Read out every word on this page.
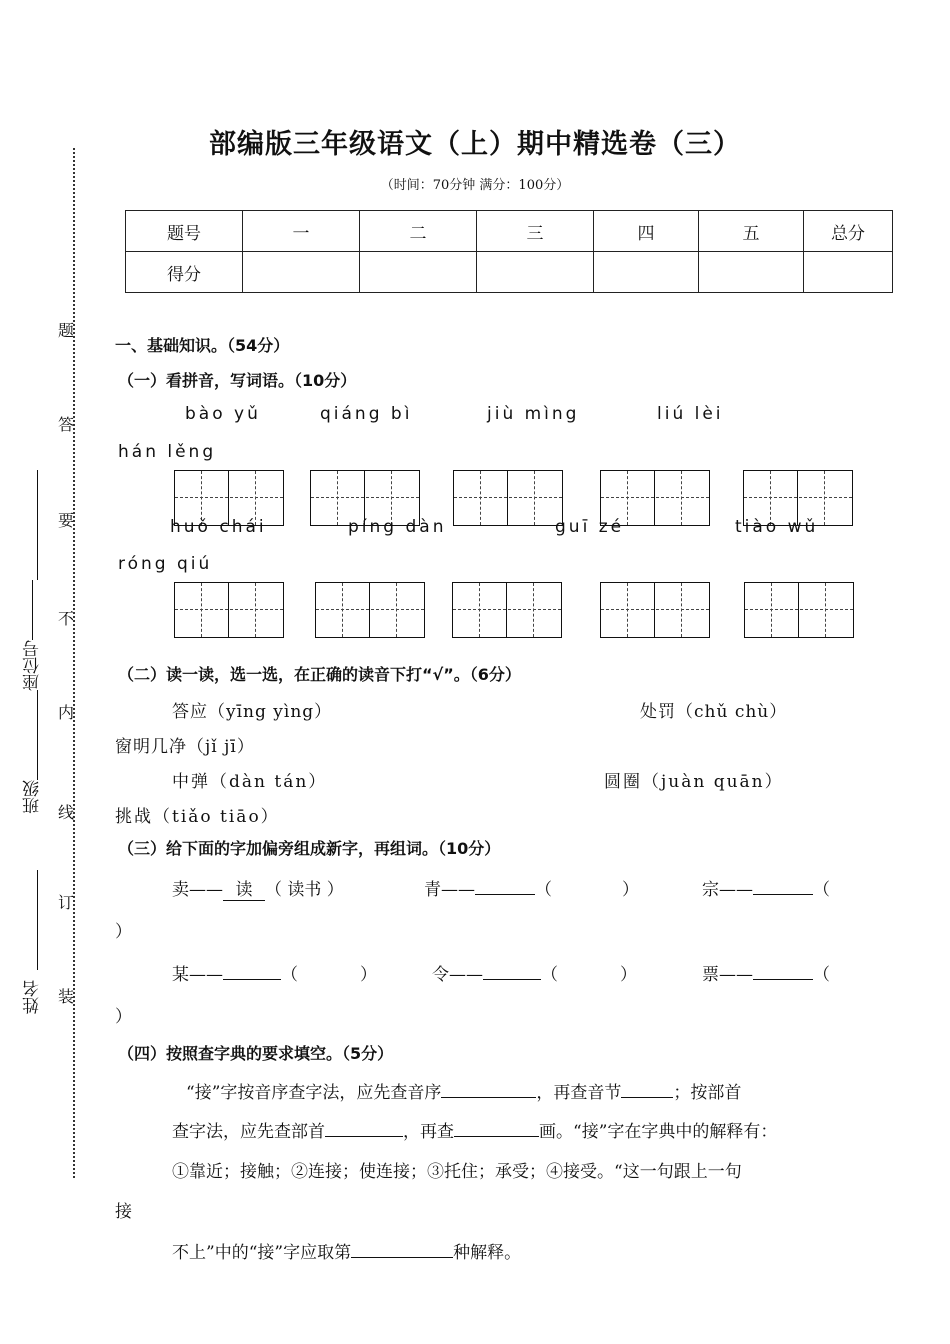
座位号
班级
姓名
题
答
要
不
内
线
订
装
部编版三年级语文（上）期中精选卷（三）
（时间：70分钟 满分：100分）
题号	一	二	三	四	五	总分
得分						
一、基础知识。（54分）
（一）看拼音，写词语。（10分）
bào yǔ	qiáng bì	jiù mìng	liú lèi
hán lěng
huǒ chái	píng dàn	guī zé	tiào wǔ
róng qiú
（二）读一读，选一选，在正确的读音下打“√”。（6分）
答应（yīng yìng）	处罚（chǔ chù）
窗明几净（jǐ jī）
中弹（dàn tán）	圆圈（juàn quān）
挑战（tiǎo tiāo）
（三）给下面的字加偏旁组成新字，再组词。（10分）
卖—— 读 （ 读书 ）	青——	（	）	宗——	（
）
某——	（	）	令——	（	）	票——	（
）
（四）按照查字典的要求填空。（5分）
“接”字按音序查字法，应先查音序	，再查音节	；按部首
查字法，应先查部首	，再查	画。“接”字在字典中的解释有：
①靠近；接触；②连接；使连接；③托住；承受；④接受。“这一句跟上一句
接
不上”中的“接”字应取第	种解释。
